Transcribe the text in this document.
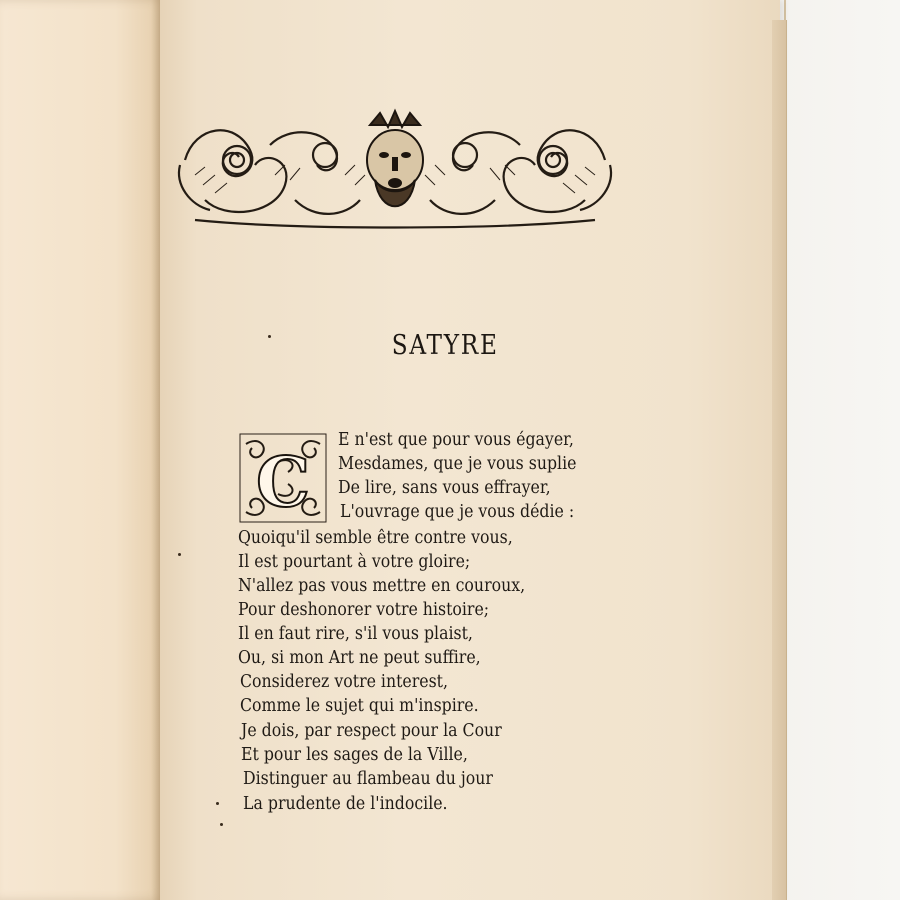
SATYRE
C
E n'est que pour vous égayer,
Mesdames, que je vous suplie
De lire, sans vous effrayer,
L'ouvrage que je vous dédie :
Quoiqu'il semble être contre vous,
Il est pourtant à votre gloire;
N'allez pas vous mettre en couroux,
Pour deshonorer votre histoire;
Il en faut rire, s'il vous plaist,
Ou, si mon Art ne peut suffire,
Considerez votre interest,
Comme le sujet qui m'inspire.
Je dois, par respect pour la Cour
Et pour les sages de la Ville,
Distinguer au flambeau du jour
La prudente de l'indocile.
